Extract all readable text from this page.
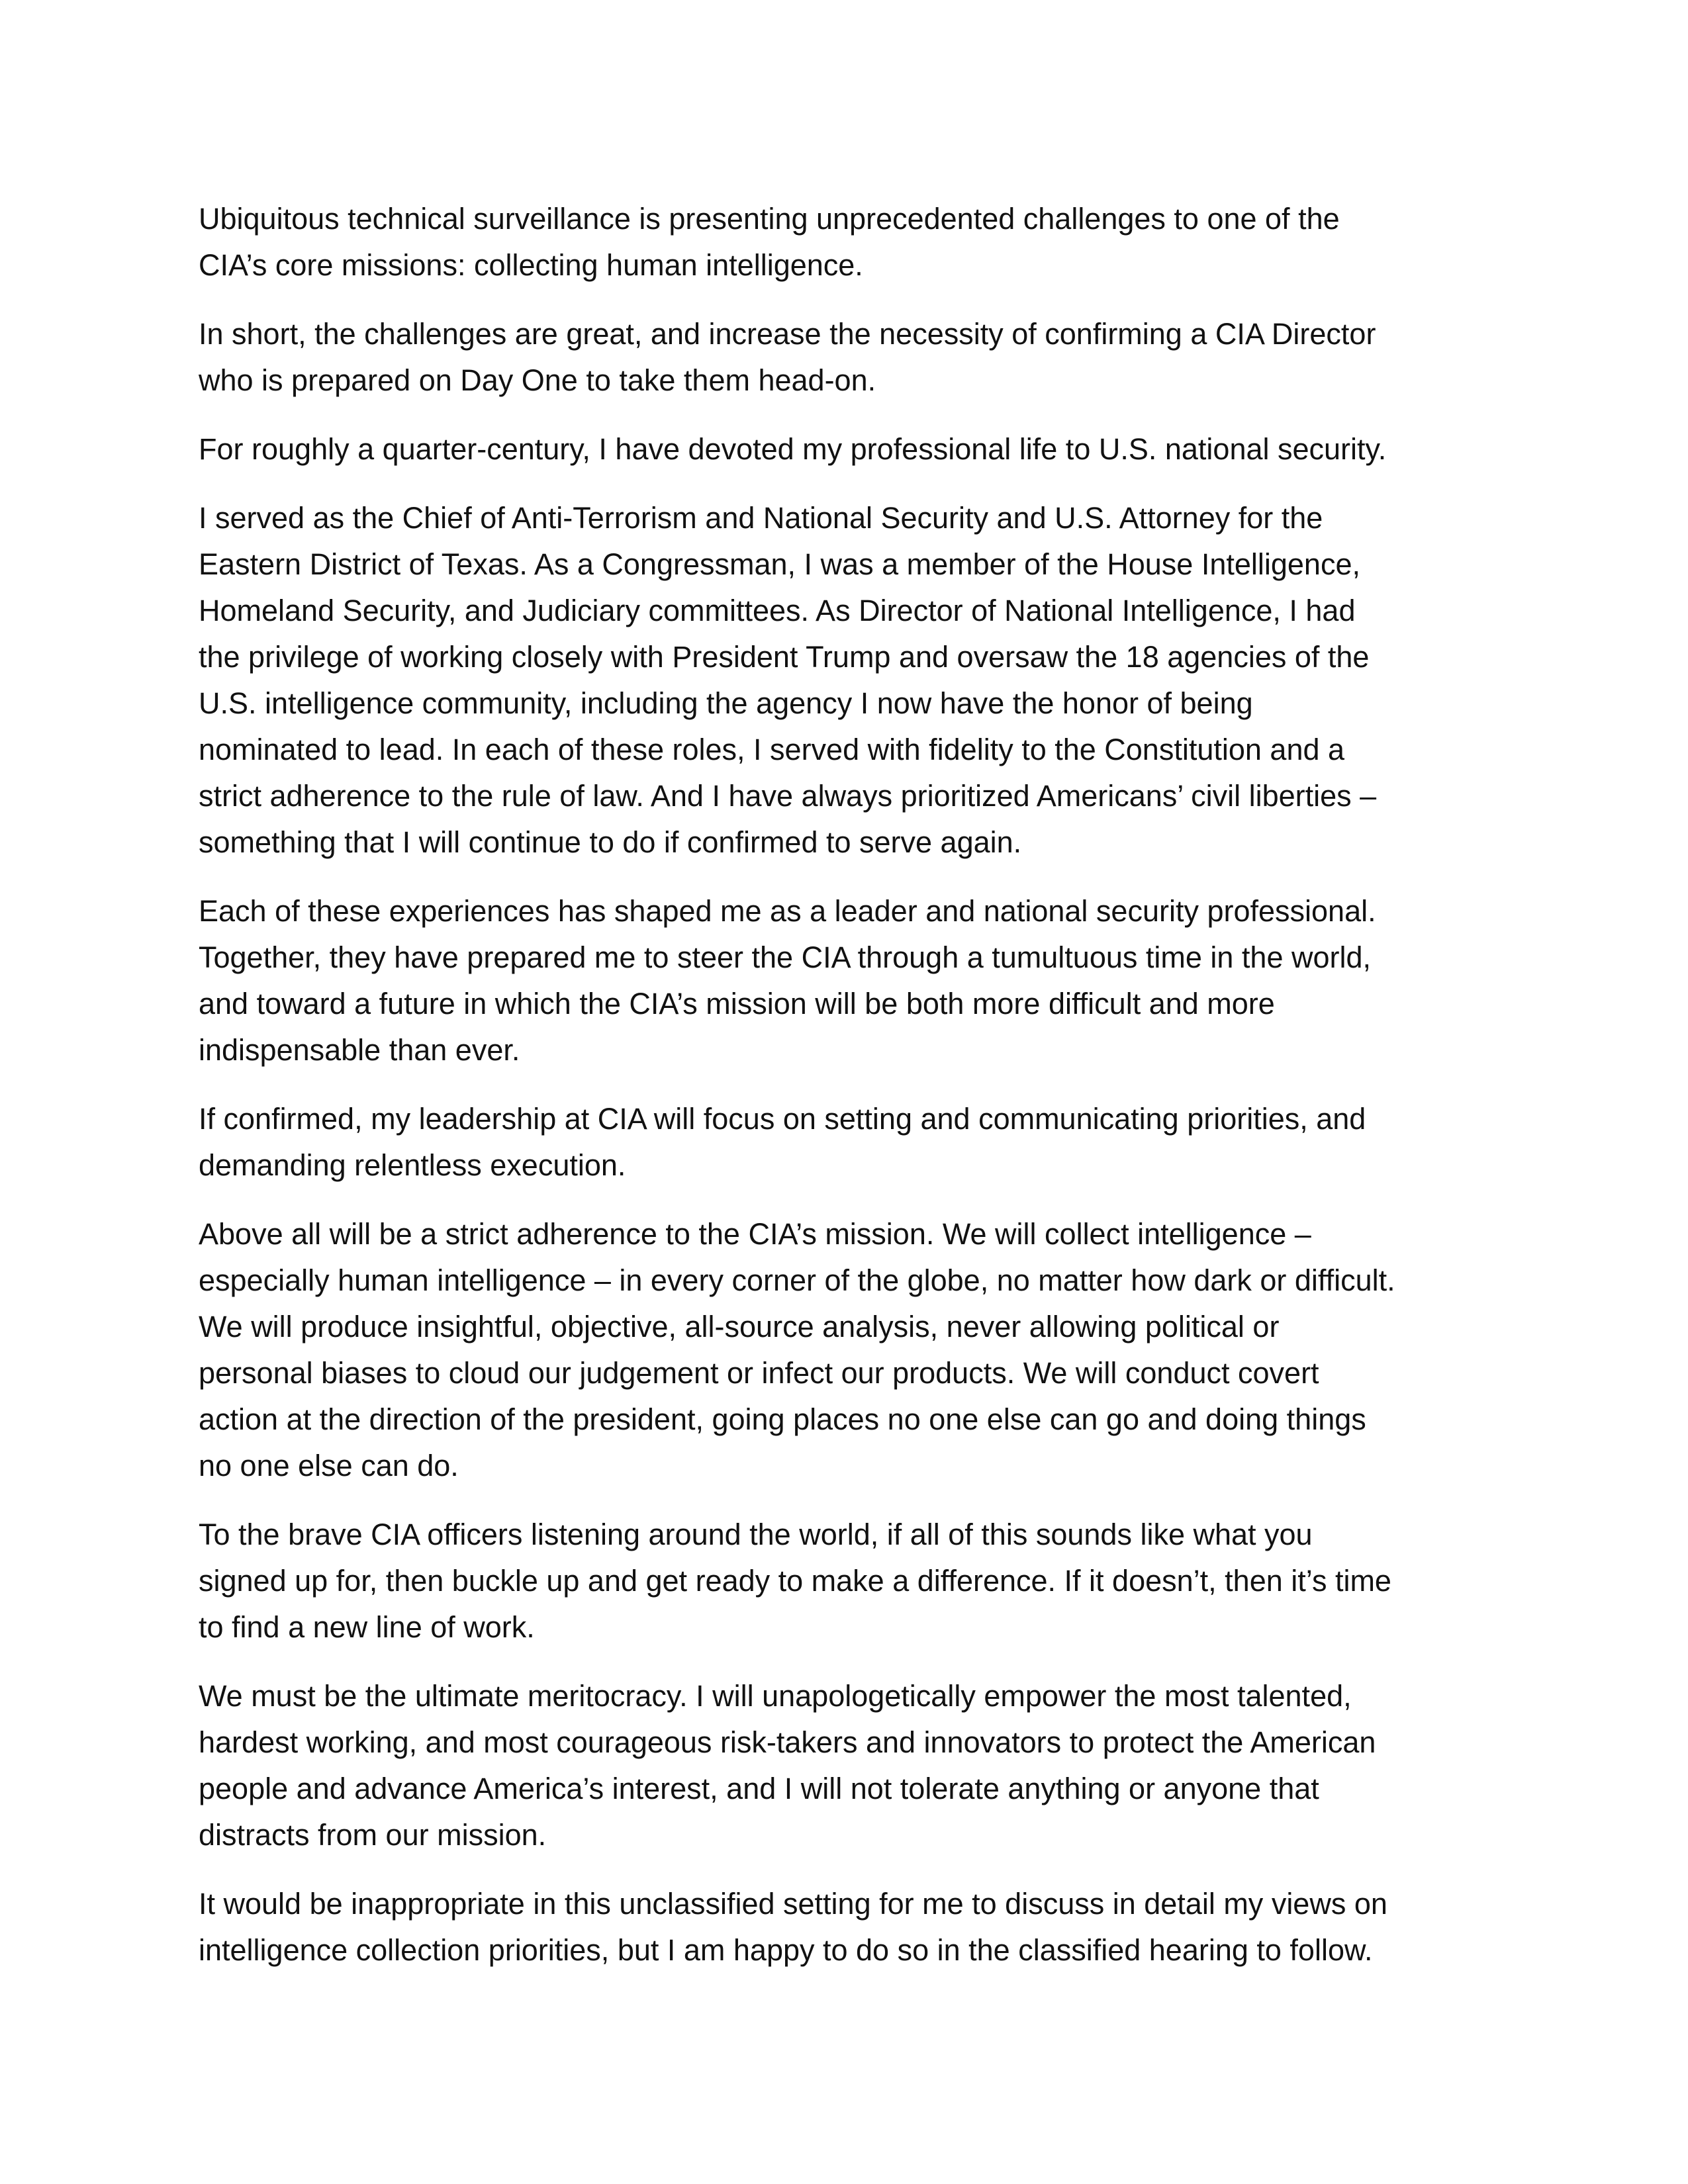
Ubiquitous technical surveillance is presenting unprecedented challenges to one of the
CIA’s core missions: collecting human intelligence.

In short, the challenges are great, and increase the necessity of confirming a CIA Director
who is prepared on Day One to take them head-on.

For roughly a quarter-century, I have devoted my professional life to U.S. national security.

I served as the Chief of Anti-Terrorism and National Security and U.S. Attorney for the
Eastern District of Texas. As a Congressman, I was a member of the House Intelligence,
Homeland Security, and Judiciary committees. As Director of National Intelligence, I had
the privilege of working closely with President Trump and oversaw the 18 agencies of the
U.S. intelligence community, including the agency I now have the honor of being
nominated to lead. In each of these roles, I served with fidelity to the Constitution and a
strict adherence to the rule of law. And I have always prioritized Americans’ civil liberties –
something that I will continue to do if confirmed to serve again.

Each of these experiences has shaped me as a leader and national security professional.
Together, they have prepared me to steer the CIA through a tumultuous time in the world,
and toward a future in which the CIA’s mission will be both more difficult and more
indispensable than ever.

If confirmed, my leadership at CIA will focus on setting and communicating priorities, and
demanding relentless execution.

Above all will be a strict adherence to the CIA’s mission. We will collect intelligence –
especially human intelligence – in every corner of the globe, no matter how dark or difficult.
We will produce insightful, objective, all-source analysis, never allowing political or
personal biases to cloud our judgement or infect our products. We will conduct covert
action at the direction of the president, going places no one else can go and doing things
no one else can do.

To the brave CIA officers listening around the world, if all of this sounds like what you
signed up for, then buckle up and get ready to make a difference. If it doesn’t, then it’s time
to find a new line of work.

We must be the ultimate meritocracy. I will unapologetically empower the most talented,
hardest working, and most courageous risk-takers and innovators to protect the American
people and advance America’s interest, and I will not tolerate anything or anyone that
distracts from our mission.

It would be inappropriate in this unclassified setting for me to discuss in detail my views on
intelligence collection priorities, but I am happy to do so in the classified hearing to follow.
